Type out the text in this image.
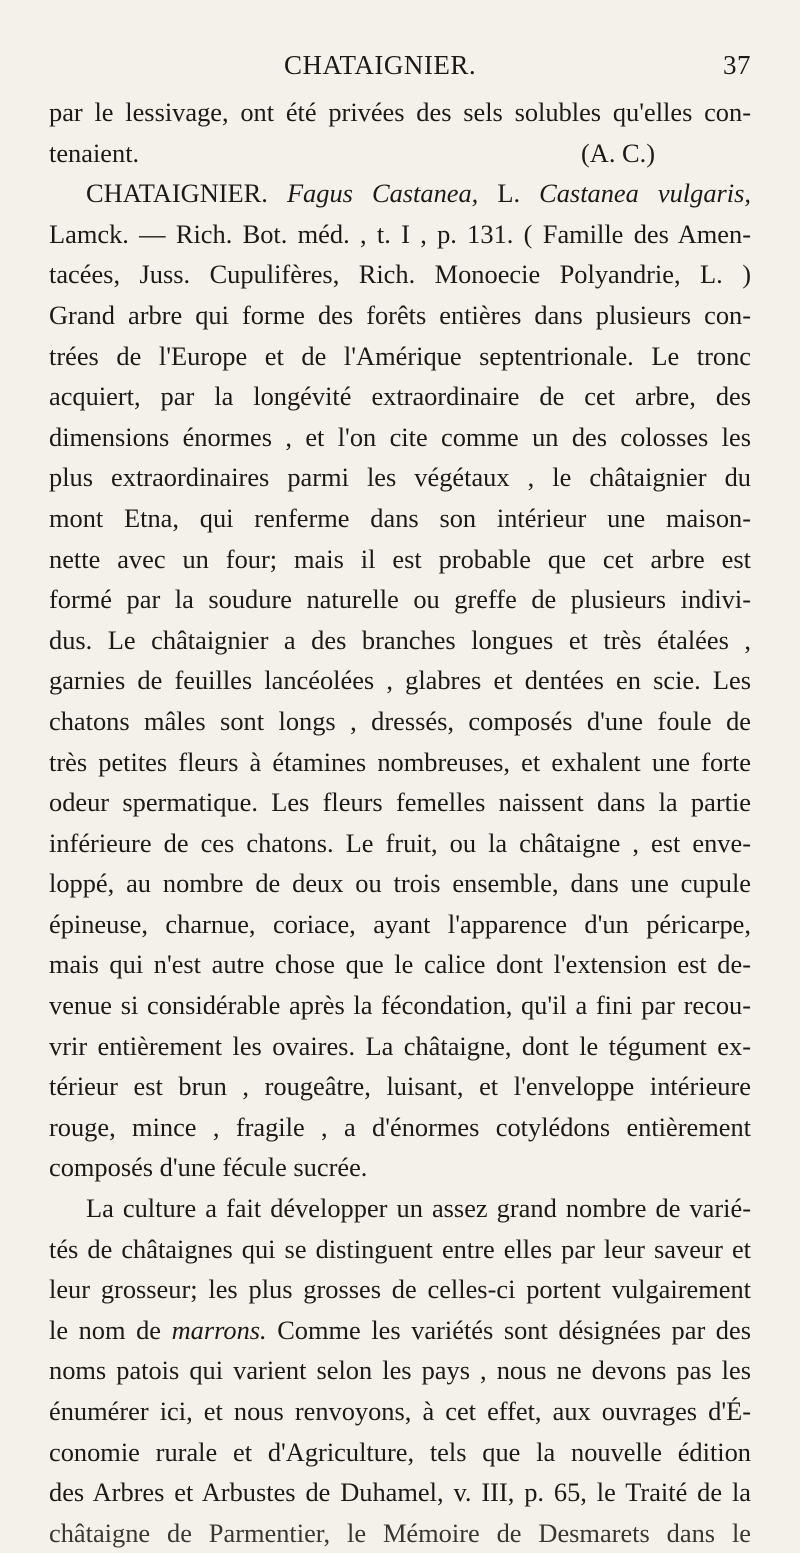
CHATAIGNIER.	37
par le lessivage, ont été privées des sels solubles qu'elles con-
tenaient.	(A. C.)
CHATAIGNIER. Fagus Castanea, L. Castanea vulgaris,
Lamck. — Rich. Bot. méd. , t. I , p. 131. ( Famille des Amen-
tacées, Juss. Cupulifères, Rich. Monoecie Polyandrie, L. )
Grand arbre qui forme des forêts entières dans plusieurs con-
trées de l'Europe et de l'Amérique septentrionale. Le tronc
acquiert, par la longévité extraordinaire de cet arbre, des
dimensions énormes , et l'on cite comme un des colosses les
plus extraordinaires parmi les végétaux , le châtaignier du
mont Etna, qui renferme dans son intérieur une maison-
nette avec un four; mais il est probable que cet arbre est
formé par la soudure naturelle ou greffe de plusieurs indivi-
dus. Le châtaignier a des branches longues et très étalées ,
garnies de feuilles lancéolées , glabres et dentées en scie. Les
chatons mâles sont longs , dressés, composés d'une foule de
très petites fleurs à étamines nombreuses, et exhalent une forte
odeur spermatique. Les fleurs femelles naissent dans la partie
inférieure de ces chatons. Le fruit, ou la châtaigne , est enve-
loppé, au nombre de deux ou trois ensemble, dans une cupule
épineuse, charnue, coriace, ayant l'apparence d'un péricarpe,
mais qui n'est autre chose que le calice dont l'extension est de-
venue si considérable après la fécondation, qu'il a fini par recou-
vrir entièrement les ovaires. La châtaigne, dont le tégument ex-
térieur est brun , rougeâtre, luisant, et l'enveloppe intérieure
rouge, mince , fragile , a d'énormes cotylédons entièrement
composés d'une fécule sucrée.
La culture a fait développer un assez grand nombre de varié-
tés de châtaignes qui se distinguent entre elles par leur saveur et
leur grosseur; les plus grosses de celles-ci portent vulgairement
le nom de marrons. Comme les variétés sont désignées par des
noms patois qui varient selon les pays , nous ne devons pas les
énumérer ici, et nous renvoyons, à cet effet, aux ouvrages d'É-
conomie rurale et d'Agriculture, tels que la nouvelle édition
des Arbres et Arbustes de Duhamel, v. III, p. 65, le Traité de la
châtaigne de Parmentier, le Mémoire de Desmarets dans le
